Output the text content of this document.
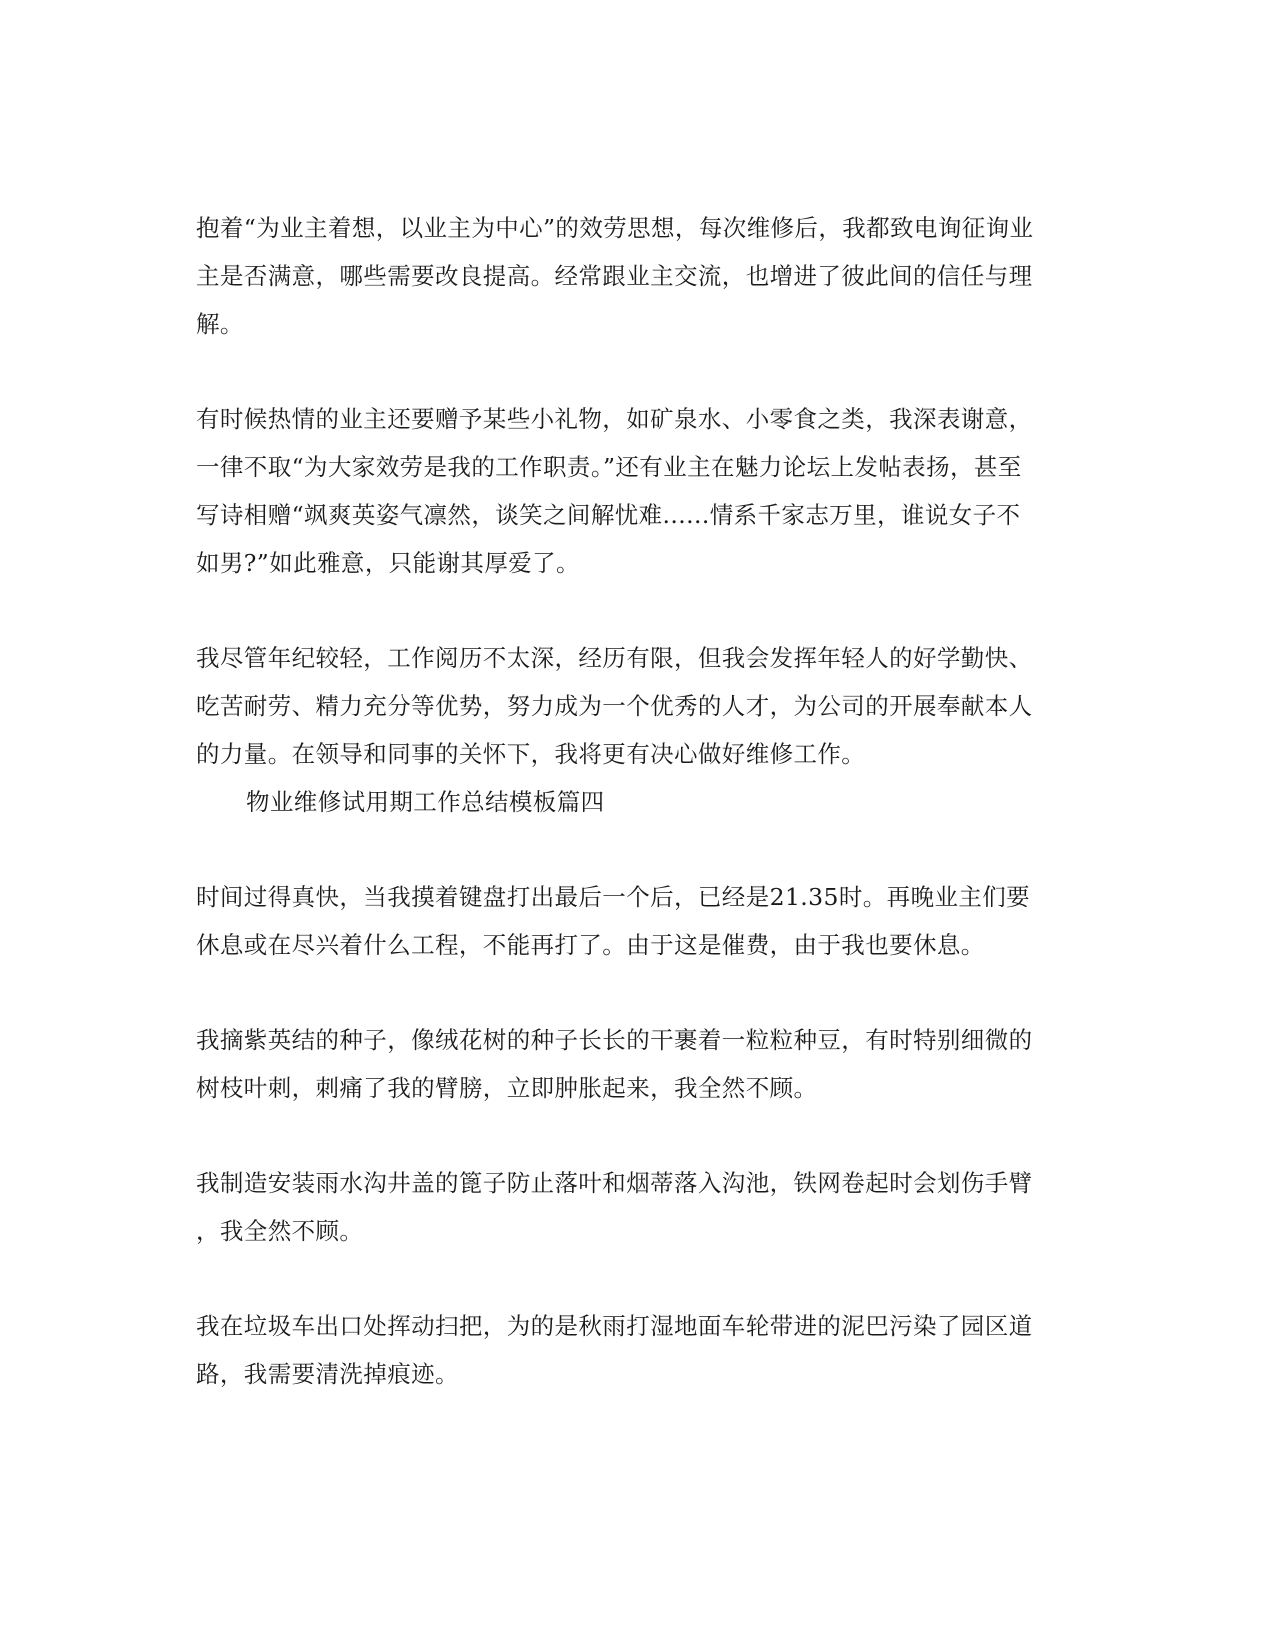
抱着“为业主着想，以业主为中心”的效劳思想，每次维修后，我都致电询征询业
主是否满意，哪些需要改良提高。经常跟业主交流，也增进了彼此间的信任与理
解。
有时候热情的业主还要赠予某些小礼物，如矿泉水、小零食之类，我深表谢意，
一律不取“为大家效劳是我的工作职责。”还有业主在魅力论坛上发帖表扬，甚至
写诗相赠“飒爽英姿气凛然，谈笑之间解忧难......情系千家志万里，谁说女子不
如男?”如此雅意，只能谢其厚爱了。
我尽管年纪较轻，工作阅历不太深，经历有限，但我会发挥年轻人的好学勤快、
吃苦耐劳、精力充分等优势，努力成为一个优秀的人才，为公司的开展奉献本人
的力量。在领导和同事的关怀下，我将更有决心做好维修工作。
物业维修试用期工作总结模板篇四
时间过得真快，当我摸着键盘打出最后一个后，已经是21.35时。再晚业主们要
休息或在尽兴着什么工程，不能再打了。由于这是催费，由于我也要休息。
我摘紫英结的种子，像绒花树的种子长长的干裹着一粒粒种豆，有时特别细微的
树枝叶刺，刺痛了我的臂膀，立即肿胀起来，我全然不顾。
我制造安装雨水沟井盖的篦子防止落叶和烟蒂落入沟池，铁网卷起时会划伤手臂
，我全然不顾。
我在垃圾车出口处挥动扫把，为的是秋雨打湿地面车轮带进的泥巴污染了园区道
路，我需要清洗掉痕迹。
